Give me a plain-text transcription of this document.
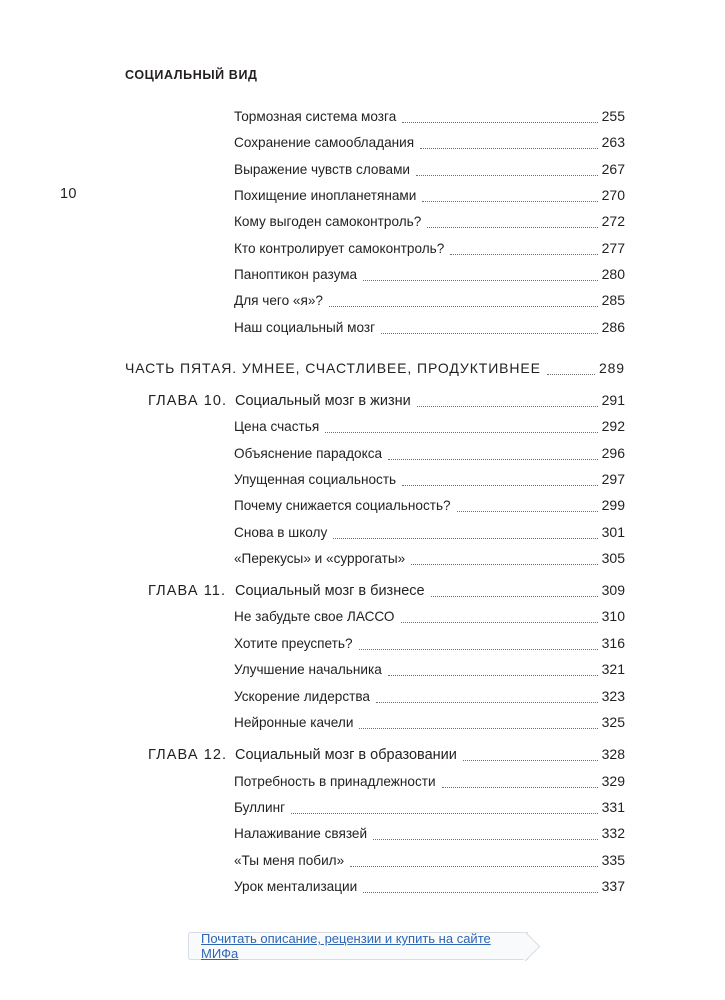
СОЦИАЛЬНЫЙ ВИД
10
Тормозная система мозга	255
Сохранение самообладания	263
Выражение чувств словами	267
Похищение инопланетянами	270
Кому выгоден самоконтроль?	272
Кто контролирует самоконтроль?	277
Паноптикон разума	280
Для чего «я»?	285
Наш социальный мозг	286
ЧАСТЬ ПЯТАЯ. УМНЕЕ, СЧАСТЛИВЕЕ, ПРОДУКТИВНЕЕ	289
ГЛАВА 10. Социальный мозг в жизни	291
Цена счастья	292
Объяснение парадокса	296
Упущенная социальность	297
Почему снижается социальность?	299
Снова в школу	301
«Перекусы» и «суррогаты»	305
ГЛАВА 11. Социальный мозг в бизнесе	309
Не забудьте свое ЛАССО	310
Хотите преуспеть?	316
Улучшение начальника	321
Ускорение лидерства	323
Нейронные качели	325
ГЛАВА 12. Социальный мозг в образовании	328
Потребность в принадлежности	329
Буллинг	331
Налаживание связей	332
«Ты меня побил»	335
Урок ментализации	337
Почитать описание, рецензии и купить на сайте МИФа
